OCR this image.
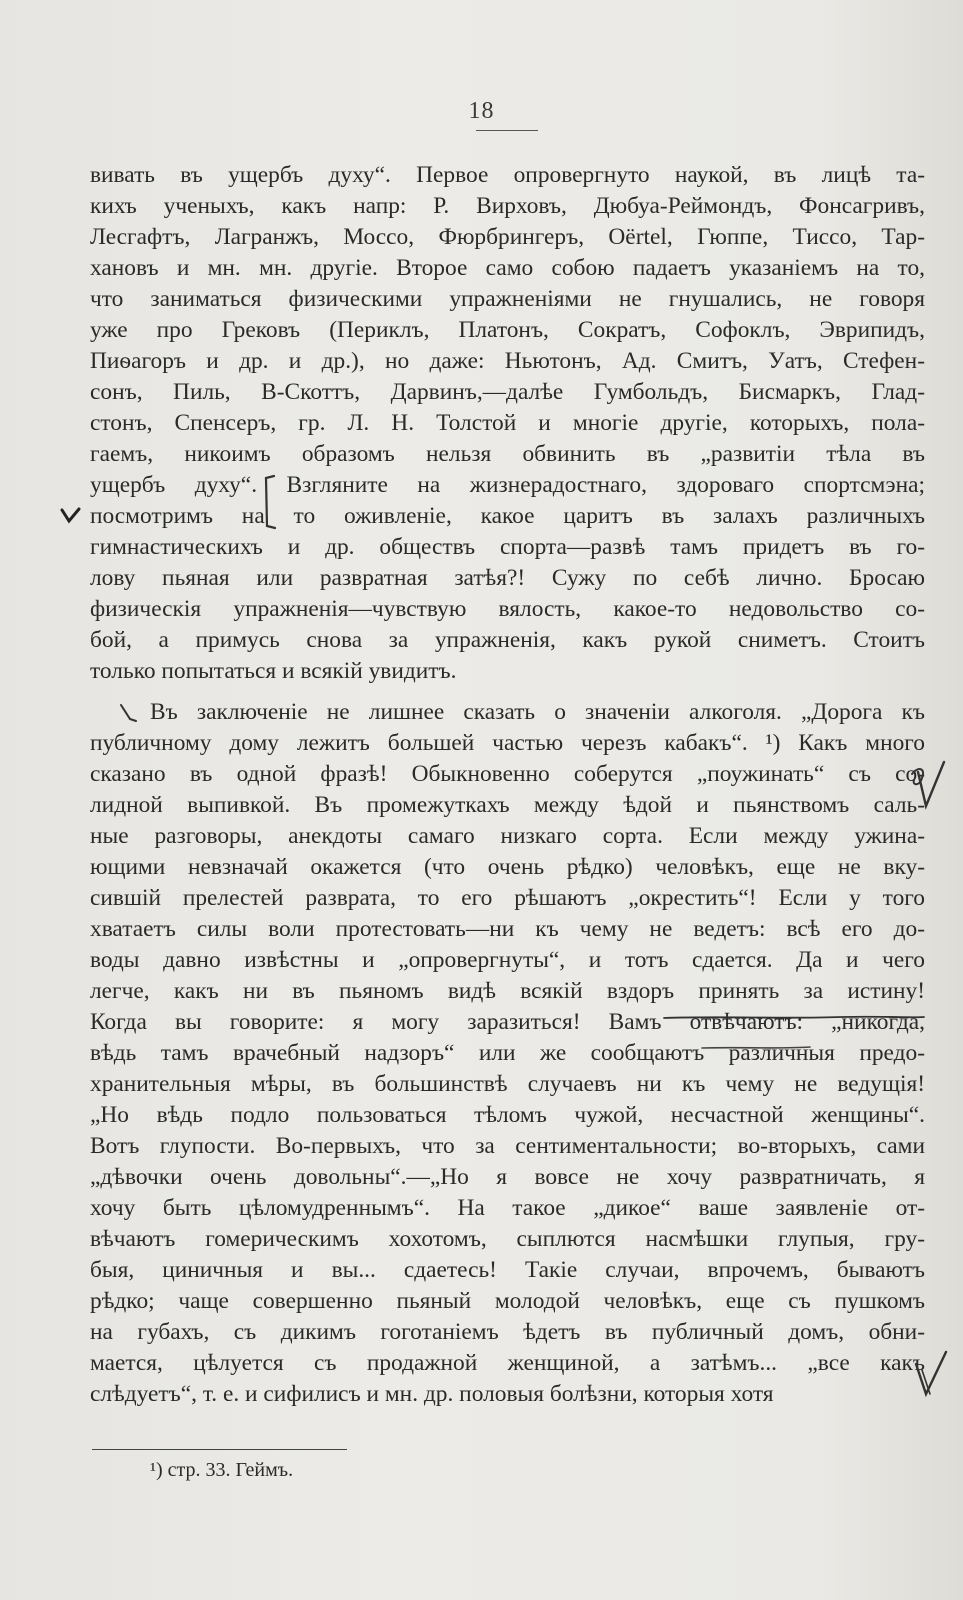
18

вивать въ ущербъ духу“. Первое опровергнуто наукой, въ лицѣ та-
кихъ ученыхъ, какъ напр: Р. Вирховъ, Дюбуа-Реймондъ, Фонсагривъ,
Лесгафтъ, Лагранжъ, Моссо, Фюрбрингеръ, Oërtel, Гюппе, Тиссо, Тар-
хановъ и мн. мн. другіе. Второе само собою падаетъ указаніемъ на то,
что заниматься физическими упражненіями не гнушались, не говоря
уже про Грековъ (Периклъ, Платонъ, Сократъ, Софоклъ, Эврипидъ,
Пиѳагоръ и др. и др.), но даже: Ньютонъ, Ад. Смитъ, Уатъ, Стефен-
сонъ, Пиль, В-Скоттъ, Дарвинъ,—далѣе Гумбольдъ, Бисмаркъ, Глад-
стонъ, Спенсеръ, гр. Л. Н. Толстой и многіе другіе, которыхъ, пола-
гаемъ, никоимъ образомъ нельзя обвинить въ „развитіи тѣла въ
ущербъ духу“. Взгляните на жизнерадостнаго, здороваго спортсмэна;
посмотримъ на то оживленіе, какое царитъ въ залахъ различныхъ
гимнастическихъ и др. обществъ спорта—развѣ тамъ придетъ въ го-
лову пьяная или развратная затѣя?! Сужу по себѣ лично. Бросаю
физическія упражненія—чувствую вялость, какое-то недовольство со-
бой, а примусь снова за упражненія, какъ рукой сниметъ. Стоитъ
только попытаться и всякій увидитъ.

Въ заключеніе не лишнее сказать о значеніи алкоголя. „Дорога къ
публичному дому лежитъ большей частью черезъ кабакъ“. ¹) Какъ много
сказано въ одной фразѣ! Обыкновенно соберутся „поужинать“ съ со-
лидной выпивкой. Въ промежуткахъ между ѣдой и пьянствомъ саль-
ные разговоры, анекдоты самаго низкаго сорта. Если между ужина-
ющими невзначай окажется (что очень рѣдко) человѣкъ, еще не вку-
сившій прелестей разврата, то его рѣшаютъ „окрестить“! Если у того
хватаетъ силы воли протестовать—ни къ чему не ведетъ: всѣ его до-
воды давно извѣстны и „опровергнуты“, и тотъ сдается. Да и чего
легче, какъ ни въ пьяномъ видѣ всякій вздоръ принять за истину!
Когда вы говорите: я могу заразиться! Вамъ отвѣчаютъ: „никогда,
вѣдь тамъ врачебный надзоръ“ или же сообщаютъ различныя предо-
хранительныя мѣры, въ большинствѣ случаевъ ни къ чему не ведущія!
„Но вѣдь подло пользоваться тѣломъ чужой, несчастной женщины“.
Вотъ глупости. Во-первыхъ, что за сентиментальности; во-вторыхъ, сами
„дѣвочки очень довольны“.—„Но я вовсе не хочу развратничать, я
хочу быть цѣломудреннымъ“. На такое „дикое“ ваше заявленіе от-
вѣчаютъ гомерическимъ хохотомъ, сыплются насмѣшки глупыя, гру-
быя, циничныя и вы... сдаетесь! Такіе случаи, впрочемъ, бываютъ
рѣдко; чаще совершенно пьяный молодой человѣкъ, еще съ пушкомъ
на губахъ, съ дикимъ гоготаніемъ ѣдетъ въ публичный домъ, обни-
мается, цѣлуется съ продажной женщиной, а затѣмъ... „все какъ
слѣдуетъ“, т. е. и сифилисъ и мн. др. половыя болѣзни, которыя хотя

¹) стр. 33. Геймъ.
